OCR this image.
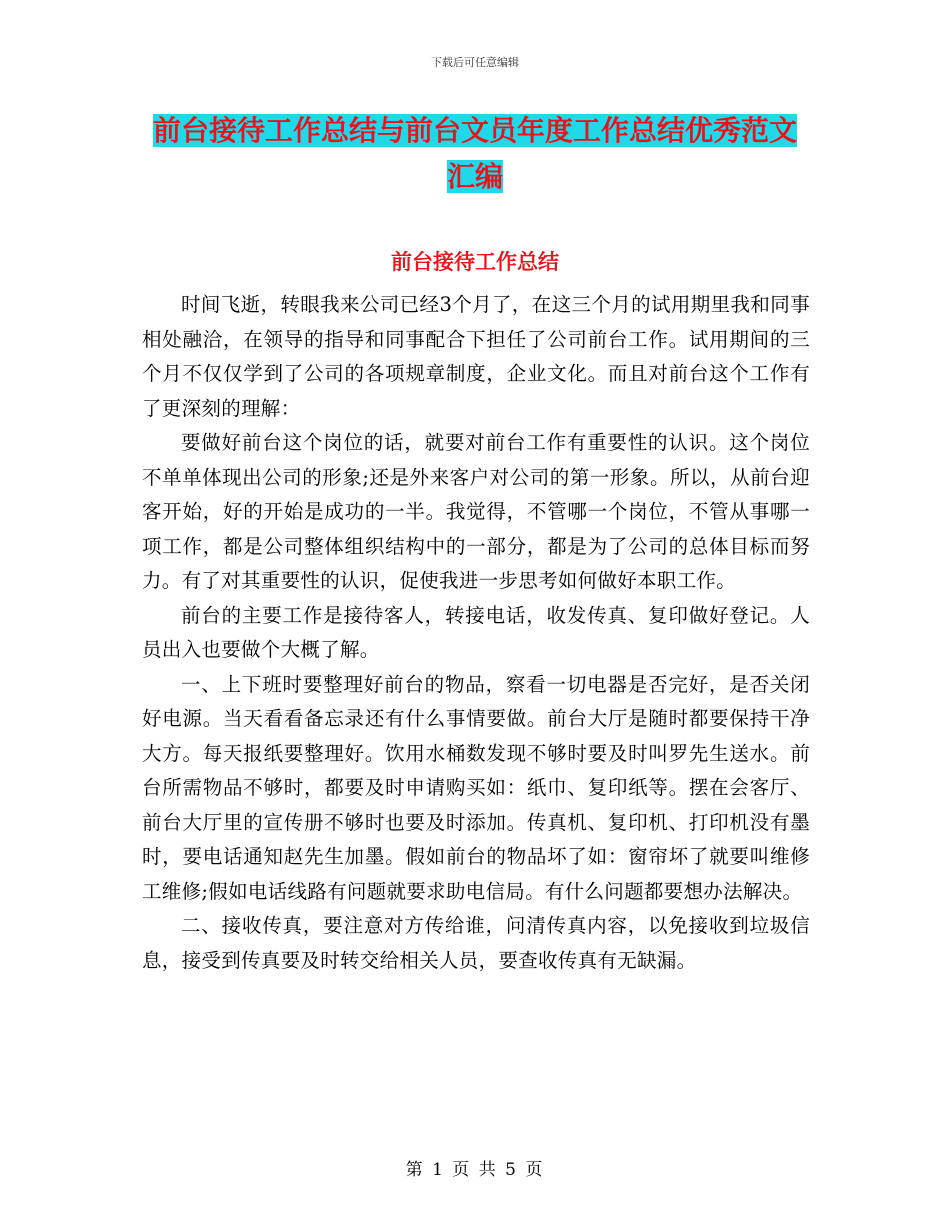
下载后可任意编辑
前台接待工作总结与前台文员年度工作总结优秀范文
汇编
前台接待工作总结

时间飞逝，转眼我来公司已经3个月了，在这三个月的试用期里我和同事相处融洽，在领导的指导和同事配合下担任了公司前台工作。试用期间的三个月不仅仅学到了公司的各项规章制度，企业文化。而且对前台这个工作有了更深刻的理解：

要做好前台这个岗位的话，就要对前台工作有重要性的认识。这个岗位不单单体现出公司的形象;还是外来客户对公司的第一形象。所以，从前台迎客开始，好的开始是成功的一半。我觉得，不管哪一个岗位，不管从事哪一项工作，都是公司整体组织结构中的一部分，都是为了公司的总体目标而努力。有了对其重要性的认识，促使我进一步思考如何做好本职工作。

前台的主要工作是接待客人，转接电话，收发传真、复印做好登记。人员出入也要做个大概了解。

一、上下班时要整理好前台的物品，察看一切电器是否完好，是否关闭好电源。当天看看备忘录还有什么事情要做。前台大厅是随时都要保持干净大方。每天报纸要整理好。饮用水桶数发现不够时要及时叫罗先生送水。前台所需物品不够时，都要及时申请购买如：纸巾、复印纸等。摆在会客厅、前台大厅里的宣传册不够时也要及时添加。传真机、复印机、打印机没有墨时，要电话通知赵先生加墨。假如前台的物品坏了如：窗帘坏了就要叫维修工维修;假如电话线路有问题就要求助电信局。有什么问题都要想办法解决。

二、接收传真，要注意对方传给谁，问清传真内容，以免接收到垃圾信息，接受到传真要及时转交给相关人员，要查收传真有无缺漏。

第 1 页 共 5 页
